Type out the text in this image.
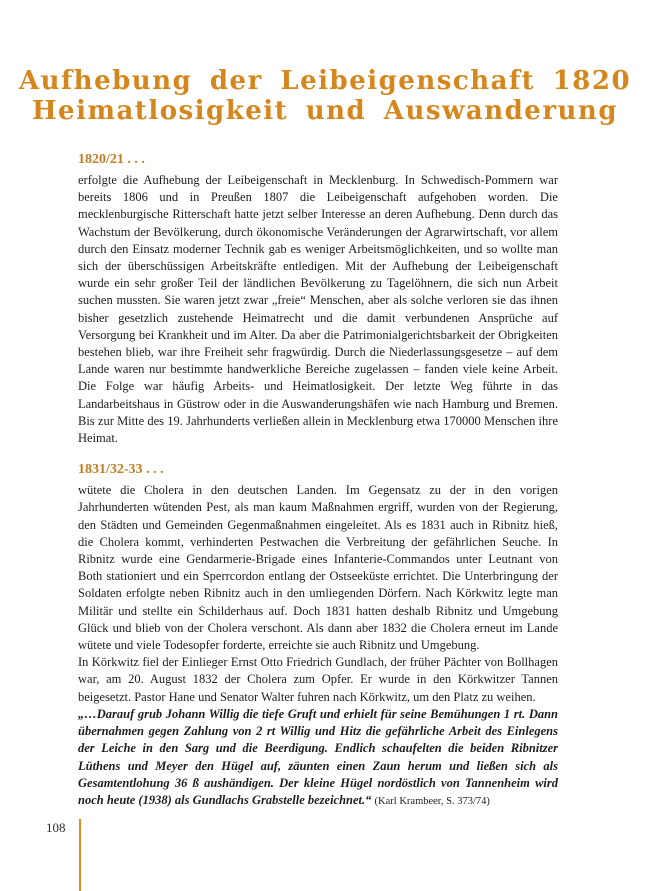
Aufhebung der Leibeigenschaft 1820
Heimatlosigkeit und Auswanderung
1820/21 . . .

erfolgte die Aufhebung der Leibeigenschaft in Mecklenburg. In Schwedisch-Pommern war bereits 1806 und in Preußen 1807 die Leibeigenschaft aufgehoben worden. Die mecklenburgische Ritterschaft hatte jetzt selber Interesse an deren Aufhebung. Denn durch das Wachstum der Bevölkerung, durch ökonomische Veränderungen der Agrarwirtschaft, vor allem durch den Einsatz moderner Technik gab es weniger Arbeitsmöglichkeiten, und so wollte man sich der überschüssigen Arbeitskräfte entledigen. Mit der Aufhebung der Leibeigenschaft wurde ein sehr großer Teil der ländlichen Bevölkerung zu Tagelöhnern, die sich nun Arbeit suchen mussten. Sie waren jetzt zwar „freie“ Menschen, aber als solche verloren sie das ihnen bisher gesetzlich zustehende Heimatrecht und die damit verbundenen Ansprüche auf Versorgung bei Krankheit und im Alter. Da aber die Patrimonialgerichtsbarkeit der Obrigkeiten bestehen blieb, war ihre Freiheit sehr fragwürdig. Durch die Niederlassungsgesetze – auf dem Lande waren nur bestimmte handwerkliche Bereiche zugelassen – fanden viele keine Arbeit. Die Folge war häufig Arbeits- und Heimatlosigkeit. Der letzte Weg führte in das Landarbeitshaus in Güstrow oder in die Auswanderungshäfen wie nach Hamburg und Bremen. Bis zur Mitte des 19. Jahrhunderts verließen allein in Mecklenburg etwa 170000 Menschen ihre Heimat.

1831/32-33 . . .

wütete die Cholera in den deutschen Landen. Im Gegensatz zu der in den vorigen Jahrhunderten wütenden Pest, als man kaum Maßnahmen ergriff, wurden von der Regierung, den Städten und Gemeinden Gegenmaßnahmen eingeleitet. Als es 1831 auch in Ribnitz hieß, die Cholera kommt, verhinderten Pestwachen die Verbreitung der gefährlichen Seuche. In Ribnitz wurde eine Gendarmerie-Brigade eines Infanterie-Commandos unter Leutnant von Both stationiert und ein Sperrcordon entlang der Ostseeküste errichtet. Die Unterbringung der Soldaten erfolgte neben Ribnitz auch in den umliegenden Dörfern. Nach Körkwitz legte man Militär und stellte ein Schilderhaus auf. Doch 1831 hatten deshalb Ribnitz und Umgebung Glück und blieb von der Cholera verschont. Als dann aber 1832 die Cholera erneut im Lande wütete und viele Todesopfer forderte, erreichte sie auch Ribnitz und Umgebung.

In Körkwitz fiel der Einlieger Ernst Otto Friedrich Gundlach, der früher Pächter von Bollhagen war, am 20. August 1832 der Cholera zum Opfer. Er wurde in den Körkwitzer Tannen beigesetzt. Pastor Hane und Senator Walter fuhren nach Körkwitz, um den Platz zu weihen.

„…Darauf grub Johann Willig die tiefe Gruft und erhielt für seine Bemühungen 1 rt. Dann übernahmen gegen Zahlung von 2 rt Willig und Hitz die gefährliche Arbeit des Einlegens der Leiche in den Sarg und die Beerdigung. Endlich schaufelten die beiden Ribnitzer Lüthens und Meyer den Hügel auf, zäunten einen Zaun herum und ließen sich als Gesamtentlohung 36 ß aushändigen. Der kleine Hügel nordöstlich von Tannenheim wird noch heute (1938) als Gundlachs Grabstelle bezeichnet.“ (Karl Krambeer, S. 373/74)

108
